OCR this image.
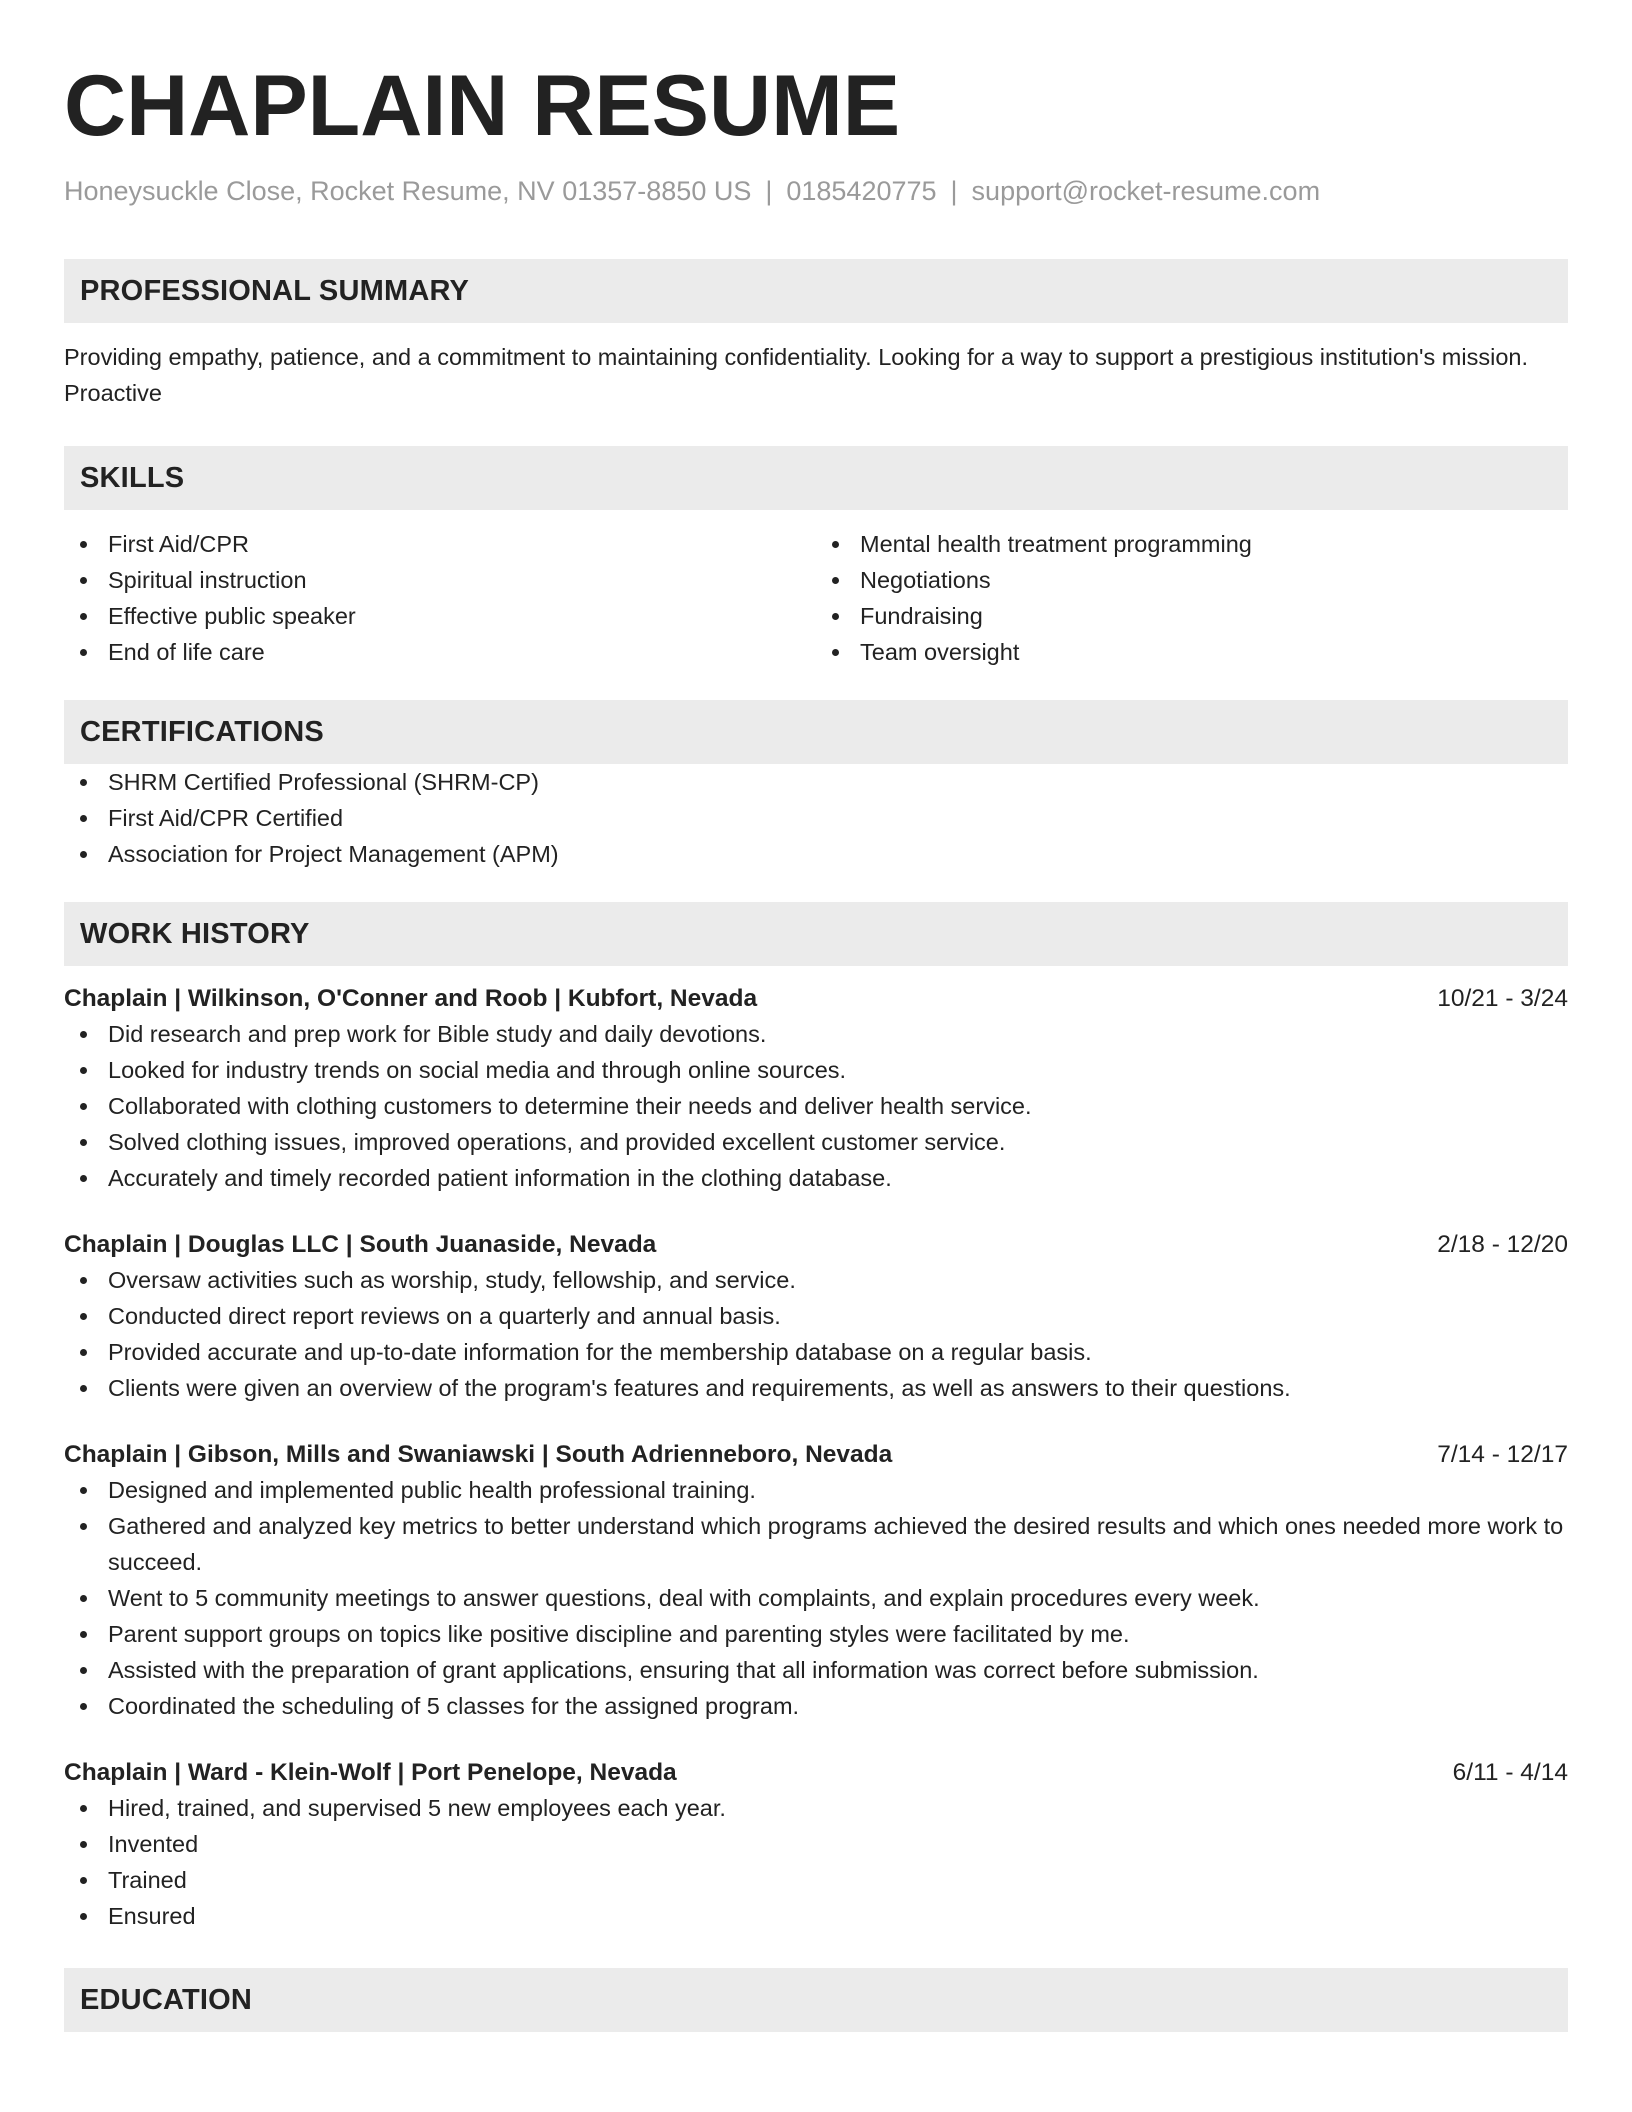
CHAPLAIN RESUME
Honeysuckle Close, Rocket Resume, NV 01357-8850 US | 0185420775 | support@rocket-resume.com
PROFESSIONAL SUMMARY
Providing empathy, patience, and a commitment to maintaining confidentiality. Looking for a way to support a prestigious institution's mission. Proactive
SKILLS
First Aid/CPR
Spiritual instruction
Effective public speaker
End of life care
Mental health treatment programming
Negotiations
Fundraising
Team oversight
CERTIFICATIONS
SHRM Certified Professional (SHRM-CP)
First Aid/CPR Certified
Association for Project Management (APM)
WORK HISTORY
Chaplain | Wilkinson, O'Conner and Roob | Kubfort, Nevada	10/21 - 3/24
Did research and prep work for Bible study and daily devotions.
Looked for industry trends on social media and through online sources.
Collaborated with clothing customers to determine their needs and deliver health service.
Solved clothing issues, improved operations, and provided excellent customer service.
Accurately and timely recorded patient information in the clothing database.
Chaplain | Douglas LLC | South Juanaside, Nevada	2/18 - 12/20
Oversaw activities such as worship, study, fellowship, and service.
Conducted direct report reviews on a quarterly and annual basis.
Provided accurate and up-to-date information for the membership database on a regular basis.
Clients were given an overview of the program's features and requirements, as well as answers to their questions.
Chaplain | Gibson, Mills and Swaniawski | South Adrienneboro, Nevada	7/14 - 12/17
Designed and implemented public health professional training.
Gathered and analyzed key metrics to better understand which programs achieved the desired results and which ones needed more work to succeed.
Went to 5 community meetings to answer questions, deal with complaints, and explain procedures every week.
Parent support groups on topics like positive discipline and parenting styles were facilitated by me.
Assisted with the preparation of grant applications, ensuring that all information was correct before submission.
Coordinated the scheduling of 5 classes for the assigned program.
Chaplain | Ward - Klein-Wolf | Port Penelope, Nevada	6/11 - 4/14
Hired, trained, and supervised 5 new employees each year.
Invented
Trained
Ensured
EDUCATION
